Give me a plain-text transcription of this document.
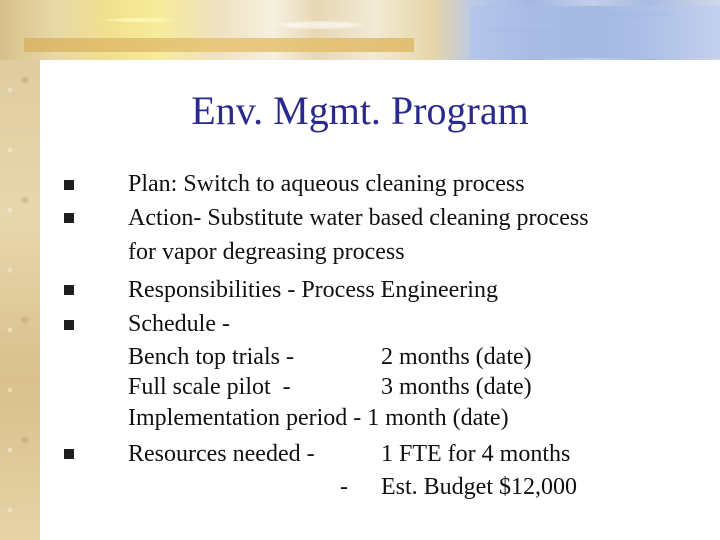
Env. Mgmt. Program
Plan: Switch to aqueous cleaning process
Action- Substitute water based cleaning process
for vapor degreasing process
Responsibilities - Process Engineering
Schedule -
Bench top trials -	2 months (date)
Full scale pilot  -	3 months (date)
Implementation period - 1 month (date)
Resources needed -	1 FTE for 4 months
- Est. Budget $12,000
